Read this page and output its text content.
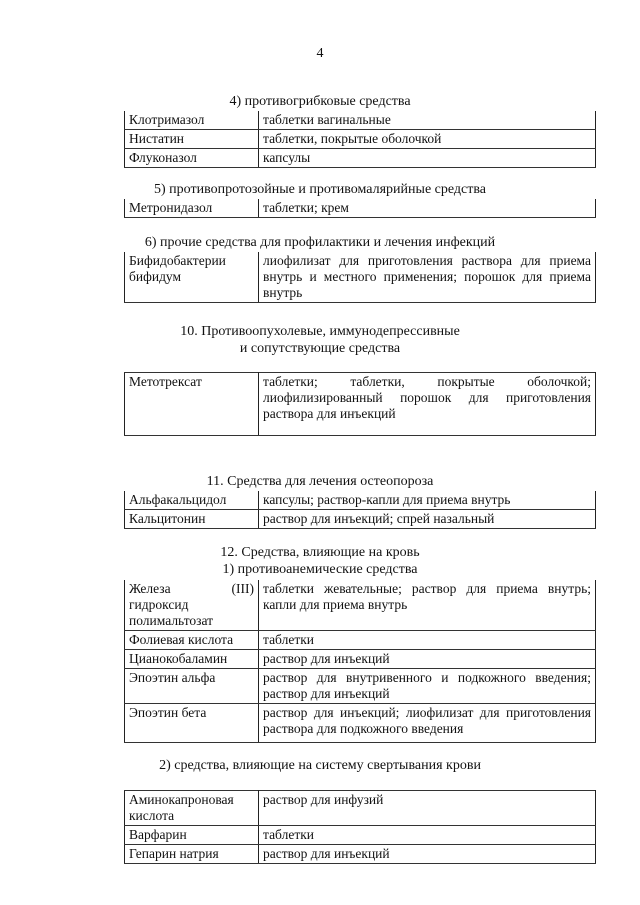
4
4) противогрибковые средства
Клотримазол	таблетки вагинальные
Нистатин	таблетки, покрытые оболочкой
Флуконазол	капсулы
5) противопротозойные и противомалярийные средства
Метронидазол	таблетки; крем
6) прочие средства для профилактики и лечения инфекций
Бифидобактерии бифидум	лиофилизат для приготовления раствора для приема внутрь и местного применения; порошок для приема внутрь
10. Противоопухолевые, иммунодепрессивные
и сопутствующие средства
Метотрексат	таблетки; таблетки, покрытые оболочкой; лиофилизированный порошок для приготовления раствора для инъекций
11. Средства для лечения остеопороза
Альфакальцидол	капсулы; раствор-капли для приема внутрь
Кальцитонин	раствор для инъекций; спрей назальный
12. Средства, влияющие на кровь
1) противоанемические средства
Железа (III) гидроксид полимальтозат	таблетки жевательные; раствор для приема внутрь; капли для приема внутрь
Фолиевая кислота	таблетки
Цианокобаламин	раствор для инъекций
Эпоэтин альфа	раствор для внутривенного и подкожного введения; раствор для инъекций
Эпоэтин бета	раствор для инъекций; лиофилизат для приготовления раствора для подкожного введения
2) средства, влияющие на систему свертывания крови
Аминокапроновая кислота	раствор для инфузий
Варфарин	таблетки
Гепарин натрия	раствор для инъекций
